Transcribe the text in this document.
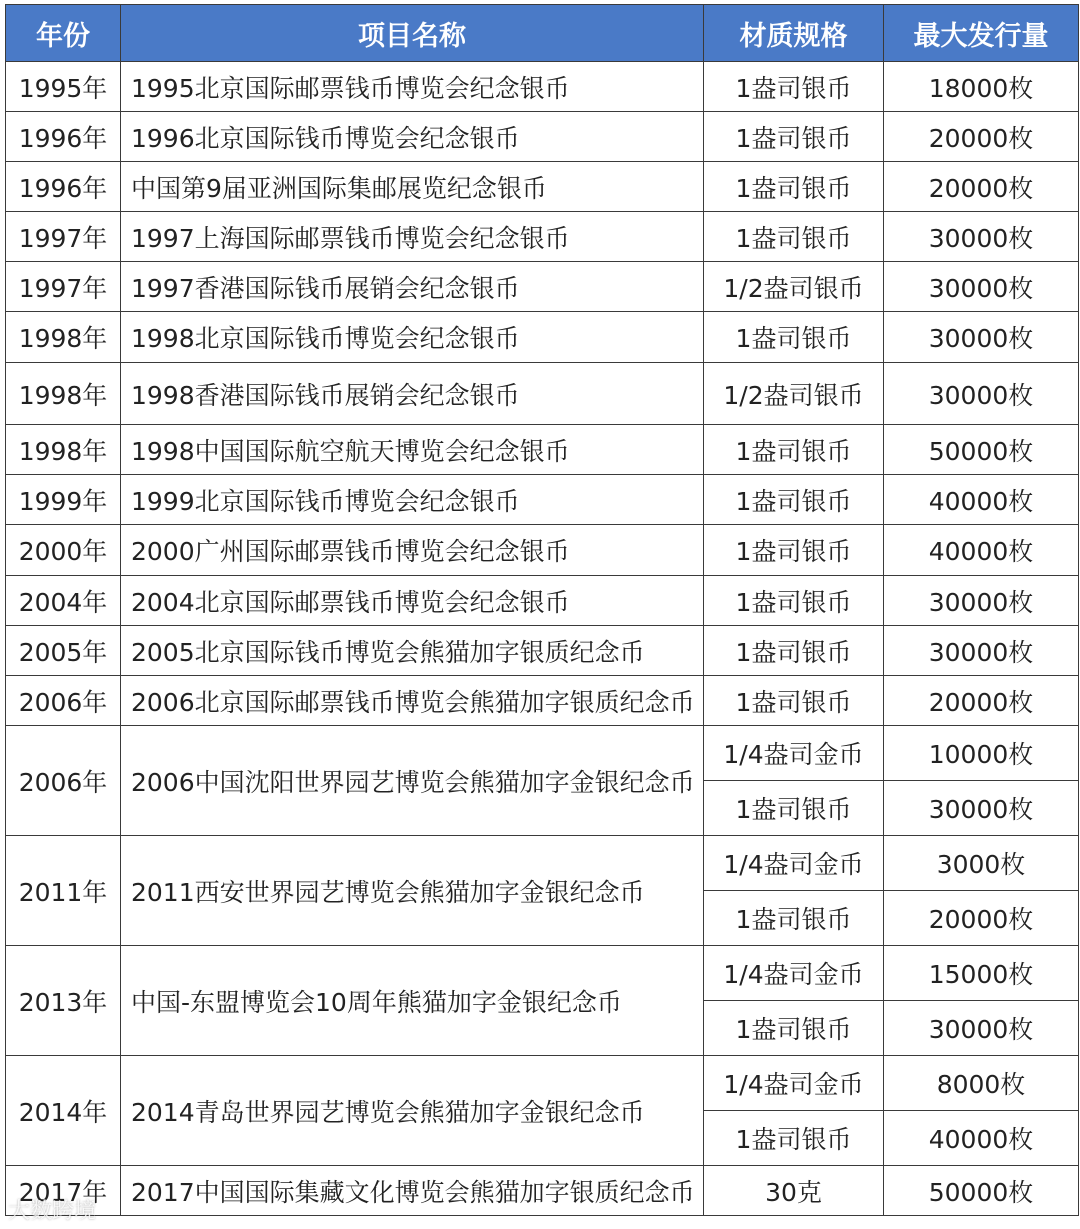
年份	项目名称	材质规格	最大发行量
1995年	1995北京国际邮票钱币博览会纪念银币	1盎司银币	18000枚
1996年	1996北京国际钱币博览会纪念银币	1盎司银币	20000枚
1996年	中国第9届亚洲国际集邮展览纪念银币	1盎司银币	20000枚
1997年	1997上海国际邮票钱币博览会纪念银币	1盎司银币	30000枚
1997年	1997香港国际钱币展销会纪念银币	1/2盎司银币	30000枚
1998年	1998北京国际钱币博览会纪念银币	1盎司银币	30000枚
1998年	1998香港国际钱币展销会纪念银币	1/2盎司银币	30000枚
1998年	1998中国国际航空航天博览会纪念银币	1盎司银币	50000枚
1999年	1999北京国际钱币博览会纪念银币	1盎司银币	40000枚
2000年	2000广州国际邮票钱币博览会纪念银币	1盎司银币	40000枚
2004年	2004北京国际邮票钱币博览会纪念银币	1盎司银币	30000枚
2005年	2005北京国际钱币博览会熊猫加字银质纪念币	1盎司银币	30000枚
2006年	2006北京国际邮票钱币博览会熊猫加字银质纪念币	1盎司银币	20000枚
2006年	2006中国沈阳世界园艺博览会熊猫加字金银纪念币	1/4盎司金币	10000枚
		1盎司银币	30000枚
2011年	2011西安世界园艺博览会熊猫加字金银纪念币	1/4盎司金币	3000枚
		1盎司银币	20000枚
2013年	中国-东盟博览会10周年熊猫加字金银纪念币	1/4盎司金币	15000枚
		1盎司银币	30000枚
2014年	2014青岛世界园艺博览会熊猫加字金银纪念币	1/4盎司金币	8000枚
		1盎司银币	40000枚
2017年	2017中国国际集藏文化博览会熊猫加字银质纪念币	30克	50000枚
大数跨境
